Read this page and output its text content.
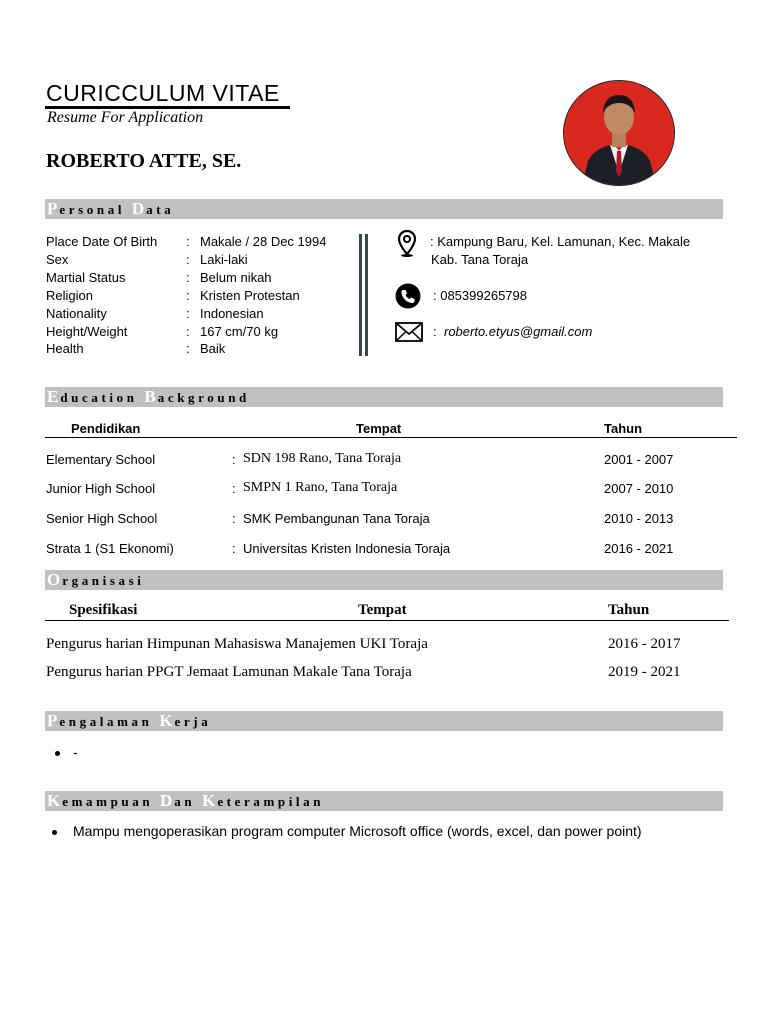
CURICCULUM VITAE
Resume For Application
ROBERTO ATTE, SE.
Personal Data
Place Date Of Birth : Makale / 28 Dec 1994
Sex	: Laki-laki
Martial Status	: Belum nikah
Religion	: Kristen Protestan
Nationality	: Indonesian
Height/Weight	: 167 cm/70 kg
Health	: Baik
: Kampung Baru, Kel. Lamunan, Kec. Makale
Kab. Tana Toraja
: 085399265798
: roberto.etyus@gmail.com
Education Background
Pendidikan	Tempat	Tahun
Elementary School	: SDN 198 Rano, Tana Toraja	2001 - 2007
Junior High School	: SMPN 1 Rano, Tana Toraja	2007 - 2010
Senior High School	: SMK Pembangunan Tana Toraja	2010 - 2013
Strata 1 (S1 Ekonomi)	: Universitas Kristen Indonesia Toraja	2016 - 2021
Organisasi
Spesifikasi	Tempat	Tahun
Pengurus harian Himpunan Mahasiswa Manajemen UKI Toraja	2016 - 2017
Pengurus harian PPGT Jemaat Lamunan Makale Tana Toraja	2019 - 2021
Pengalaman Kerja
-
Kemampuan Dan Keterampilan
Mampu mengoperasikan program computer Microsoft office (words, excel, dan power point)
